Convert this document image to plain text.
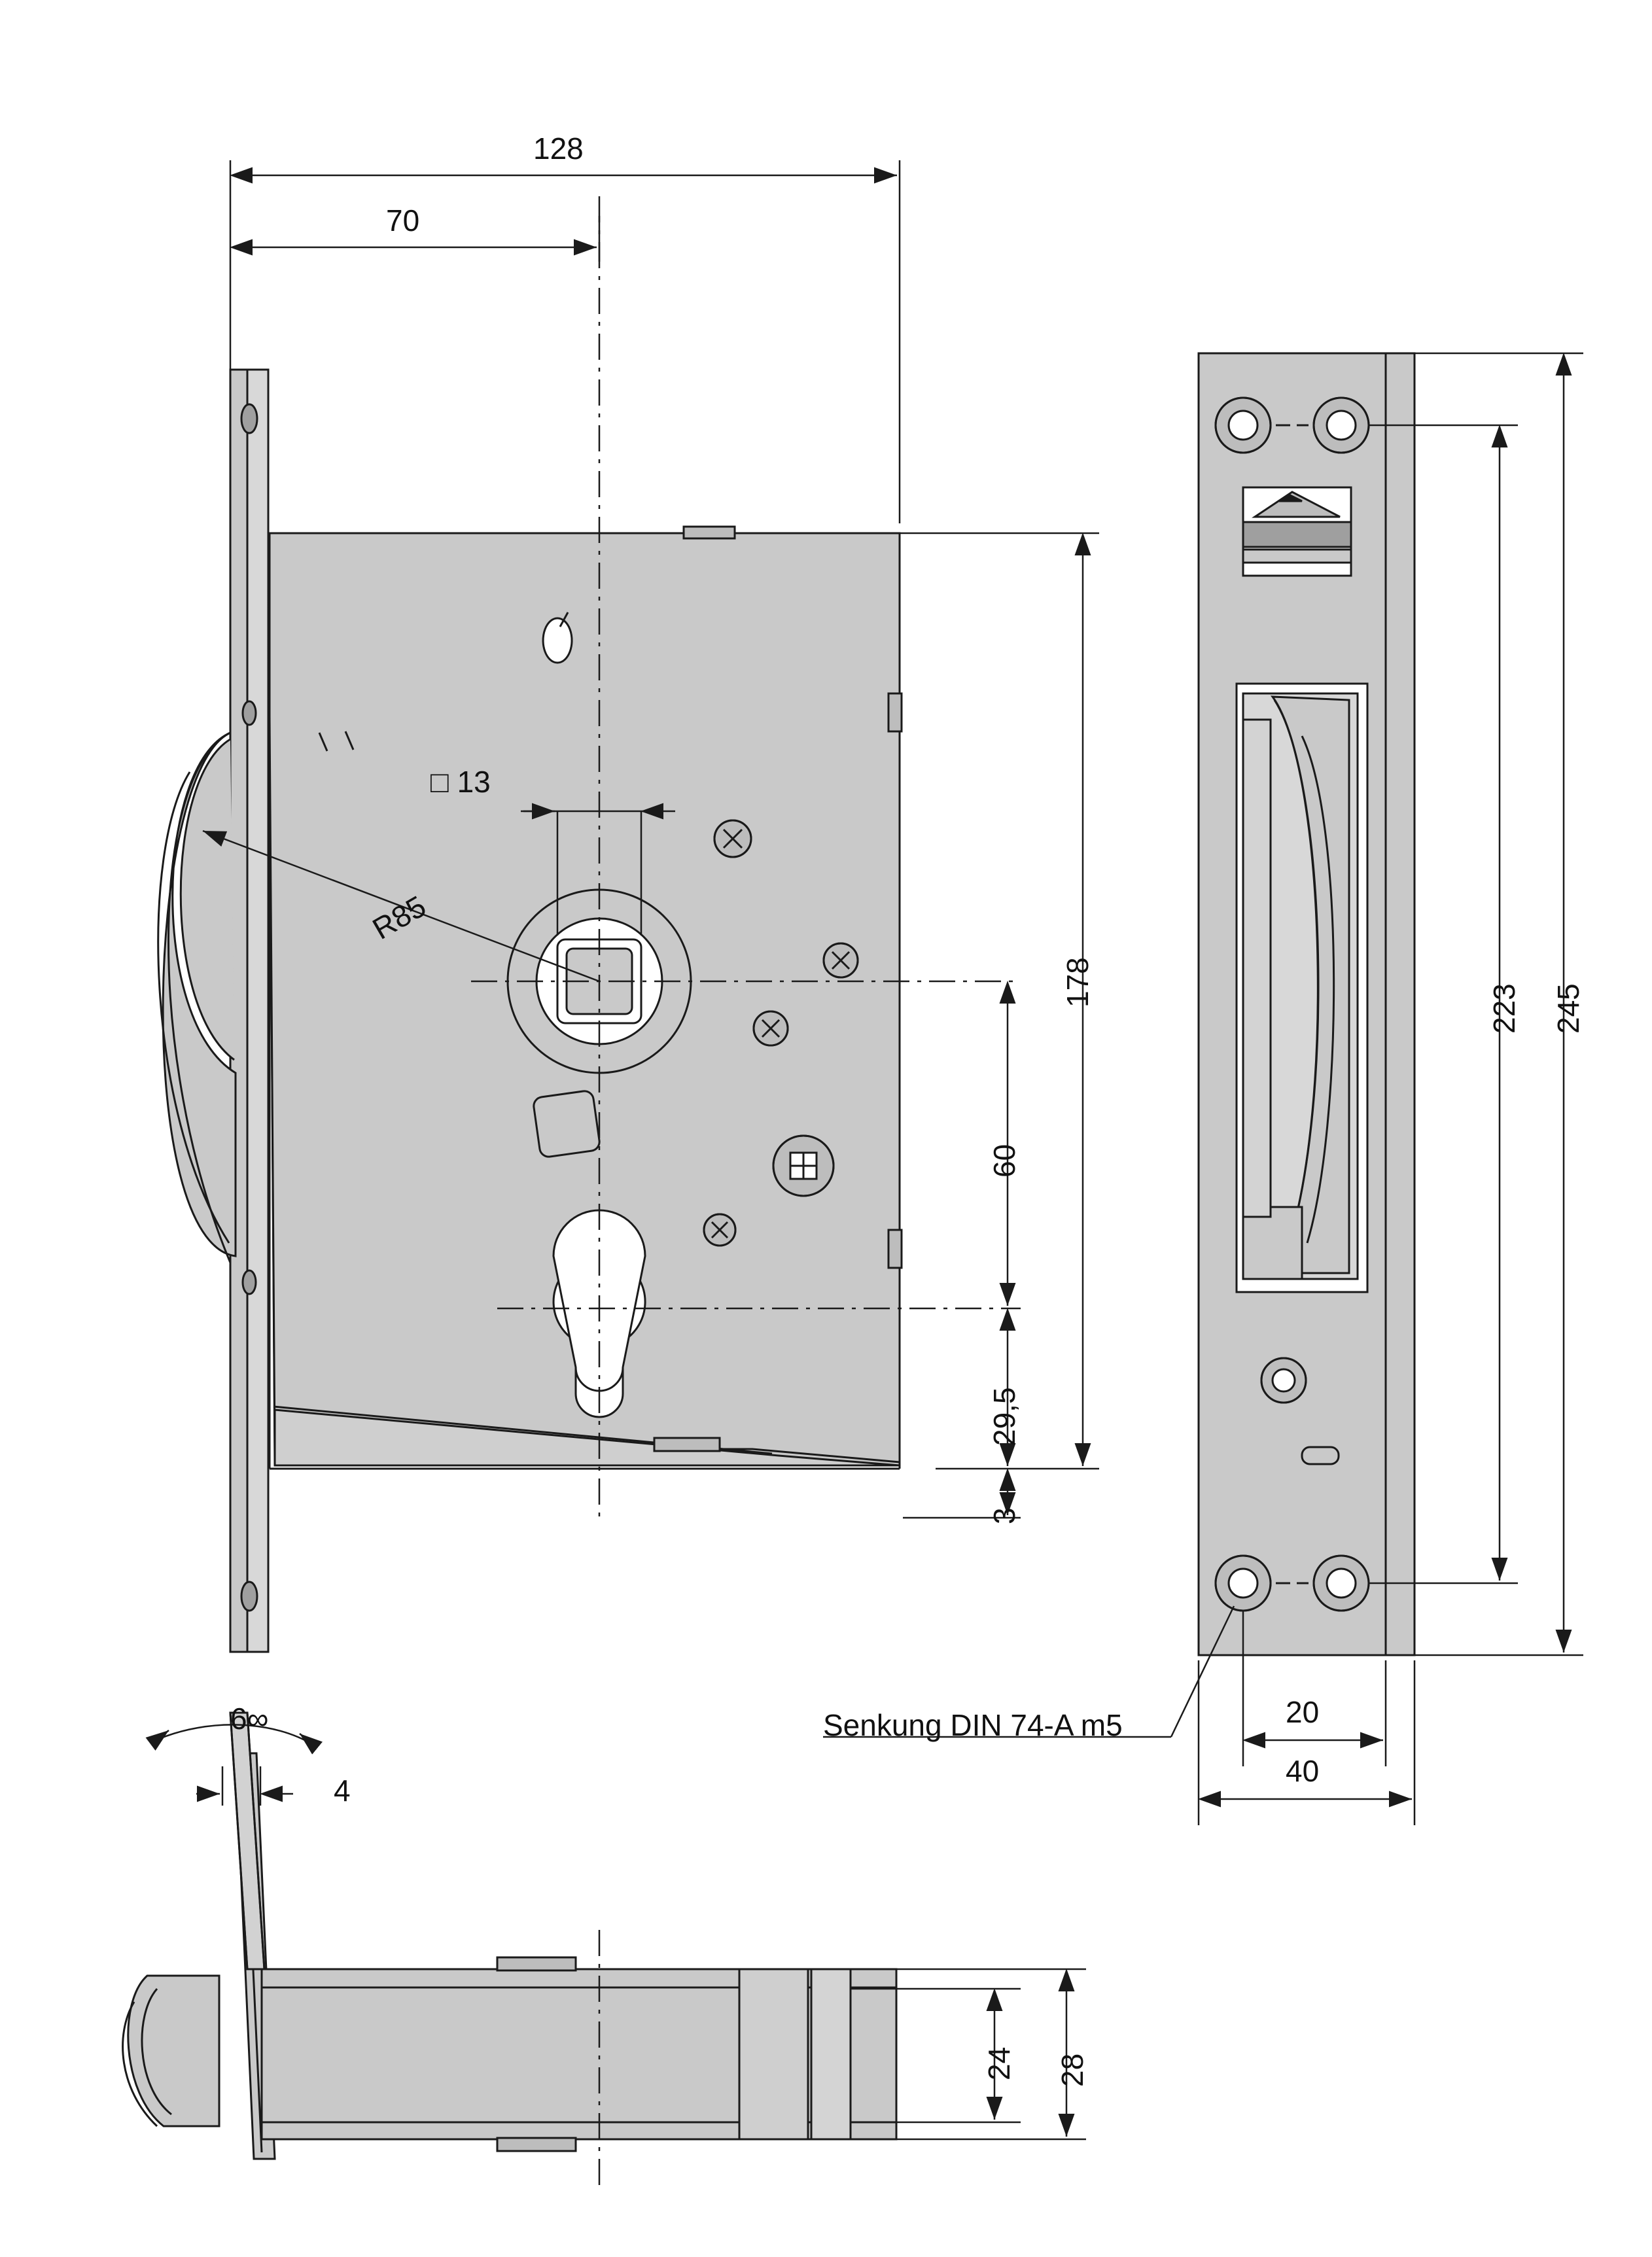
128
70
□ 13
R85
178
60
29,5
3
223 245
20
40
Senkung DIN 74-A m5
6∞
4
24 28
